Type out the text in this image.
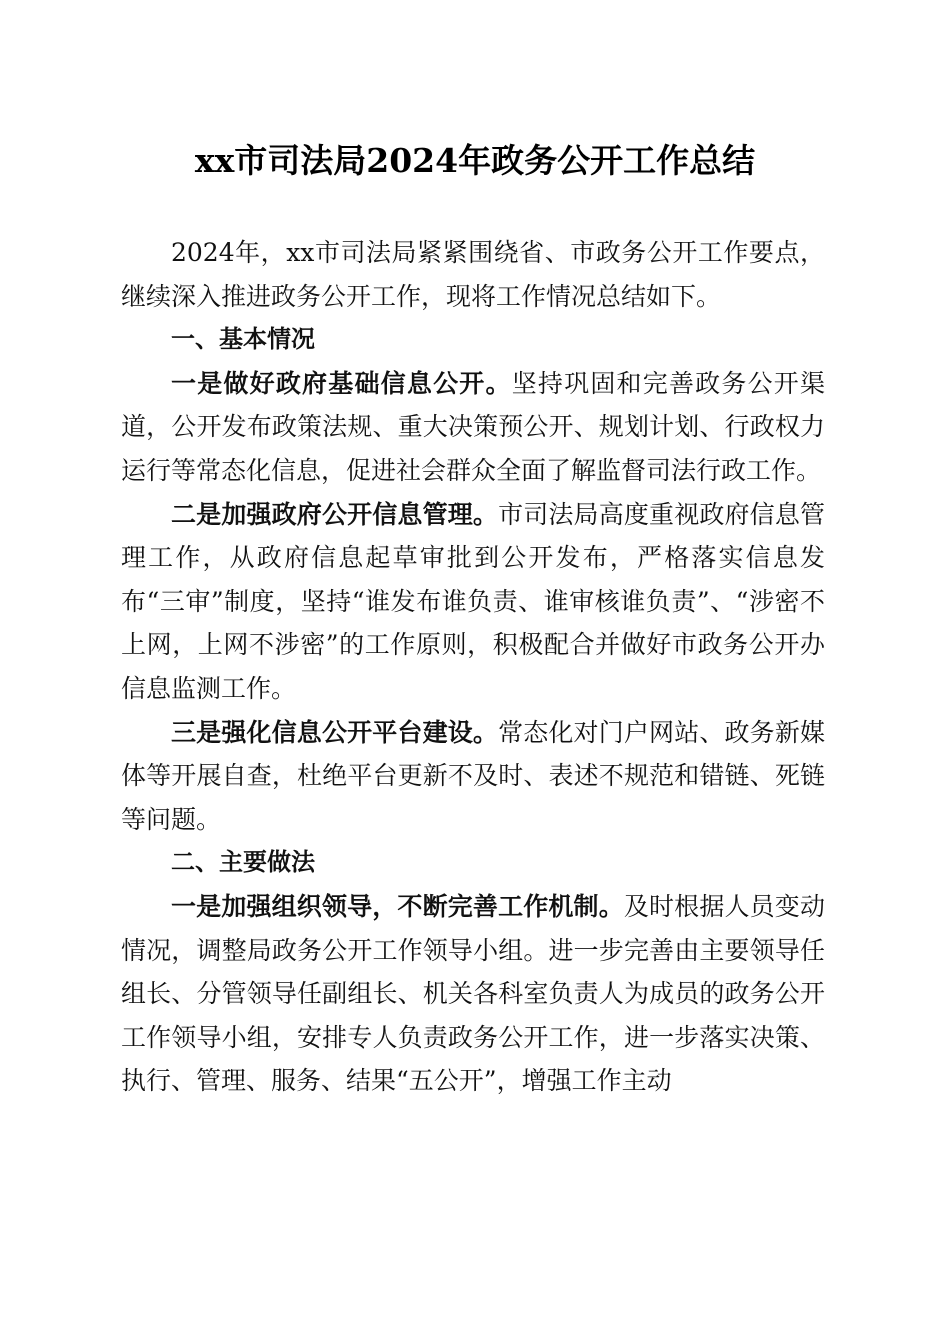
xx市司法局2024年政务公开工作总结

2024年，xx市司法局紧紧围绕省、市政务公开工作要点，继续深入推进政务公开工作，现将工作情况总结如下。

一、基本情况

一是做好政府基础信息公开。坚持巩固和完善政务公开渠道，公开发布政策法规、重大决策预公开、规划计划、行政权力运行等常态化信息，促进社会群众全面了解监督司法行政工作。

二是加强政府公开信息管理。市司法局高度重视政府信息管理工作，从政府信息起草审批到公开发布，严格落实信息发布“三审”制度，坚持“谁发布谁负责、谁审核谁负责”、“涉密不上网，上网不涉密”的工作原则，积极配合并做好市政务公开办信息监测工作。

三是强化信息公开平台建设。常态化对门户网站、政务新媒体等开展自查，杜绝平台更新不及时、表述不规范和错链、死链等问题。

二、主要做法

一是加强组织领导，不断完善工作机制。及时根据人员变动情况，调整局政务公开工作领导小组。进一步完善由主要领导任组长、分管领导任副组长、机关各科室负责人为成员的政务公开工作领导小组，安排专人负责政务公开工作，进一步落实决策、执行、管理、服务、结果“五公开”，增强工作主动
